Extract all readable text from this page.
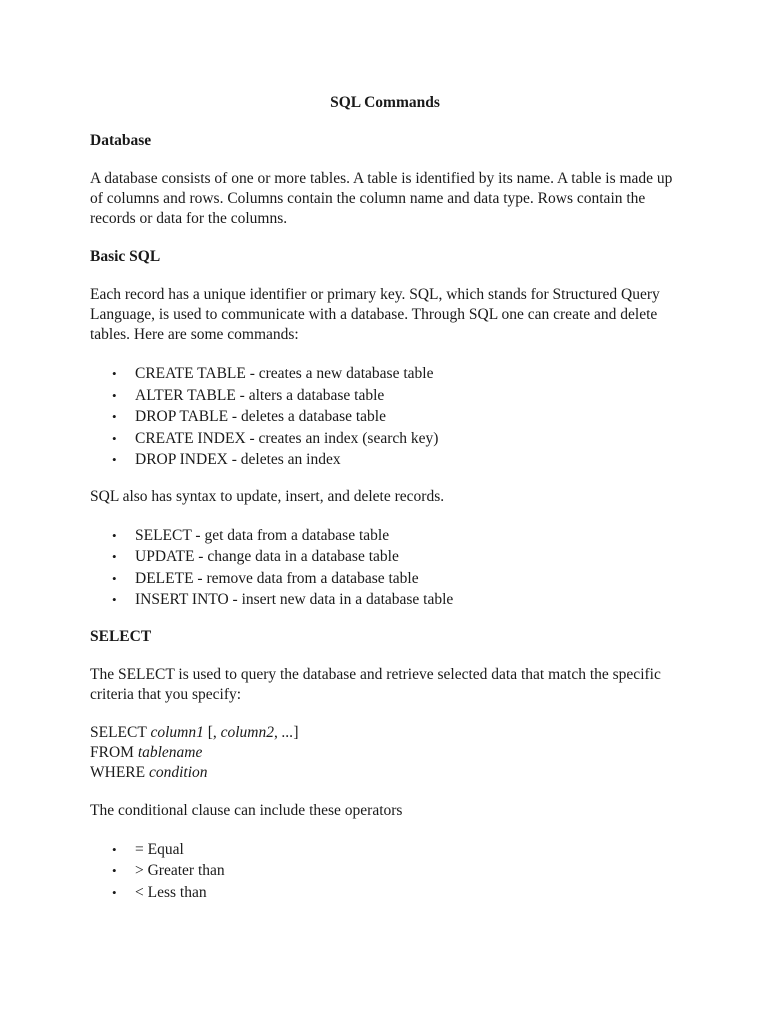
SQL Commands
Database

A database consists of one or more tables. A table is identified by its name. A table is made up of columns and rows. Columns contain the column name and data type. Rows contain the records or data for the columns.

Basic SQL

Each record has a unique identifier or primary key. SQL, which stands for Structured Query Language, is used to communicate with a database. Through SQL one can create and delete tables. Here are some commands:

• CREATE TABLE - creates a new database table
• ALTER TABLE - alters a database table
• DROP TABLE - deletes a database table
• CREATE INDEX - creates an index (search key)
• DROP INDEX - deletes an index

SQL also has syntax to update, insert, and delete records.

• SELECT - get data from a database table
• UPDATE - change data in a database table
• DELETE - remove data from a database table
• INSERT INTO - insert new data in a database table
SELECT

The SELECT is used to query the database and retrieve selected data that match the specific criteria that you specify:

SELECT column1 [, column2, ...]
FROM tablename
WHERE condition

The conditional clause can include these operators

• = Equal
• > Greater than
• < Less than
